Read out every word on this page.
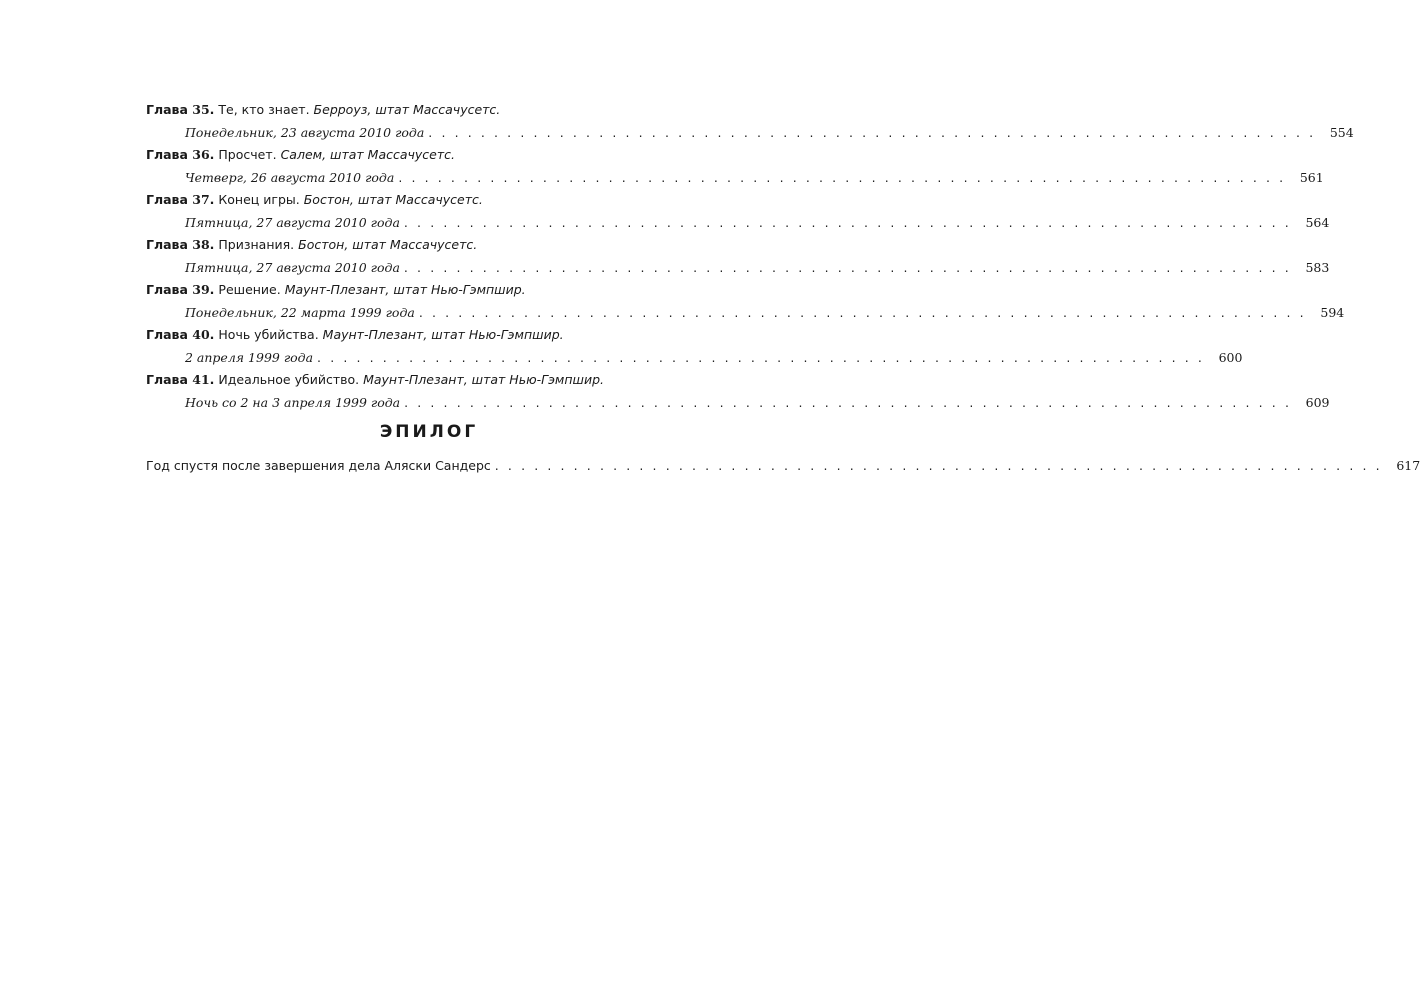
Глава 35. Те, кто знает. Берроуз, штат Массачусетс.
Понедельник, 23 августа 2010 года . . . . . . . . . . . . . . . . . . . . . . . . . . . . . . . . . . . . . . . . . . . . . . . . . . . . . . . . . . . . . . . . . . . .	554
Глава 36. Просчет. Салем, штат Массачусетс.
Четверг, 26 августа 2010 года . . . . . . . . . . . . . . . . . . . . . . . . . . . . . . . . . . . . . . . . . . . . . . . . . . . . . . . . . . . . . . . . . . . .	561
Глава 37. Конец игры. Бостон, штат Массачусетс.
Пятница, 27 августа 2010 года . . . . . . . . . . . . . . . . . . . . . . . . . . . . . . . . . . . . . . . . . . . . . . . . . . . . . . . . . . . . . . . . . . . .	564
Глава 38. Признания. Бостон, штат Массачусетс.
Пятница, 27 августа 2010 года . . . . . . . . . . . . . . . . . . . . . . . . . . . . . . . . . . . . . . . . . . . . . . . . . . . . . . . . . . . . . . . . . . . .	583
Глава 39. Решение. Маунт-Плезант, штат Нью-Гэмпшир.
Понедельник, 22 марта 1999 года . . . . . . . . . . . . . . . . . . . . . . . . . . . . . . . . . . . . . . . . . . . . . . . . . . . . . . . . . . . . . . . . . . . .	594
Глава 40. Ночь убийства. Маунт-Плезант, штат Нью-Гэмпшир.
2 апреля 1999 года . . . . . . . . . . . . . . . . . . . . . . . . . . . . . . . . . . . . . . . . . . . . . . . . . . . . . . . . . . . . . . . . . . . .	600
Глава 41. Идеальное убийство. Маунт-Плезант, штат Нью-Гэмпшир.
Ночь со 2 на 3 апреля 1999 года . . . . . . . . . . . . . . . . . . . . . . . . . . . . . . . . . . . . . . . . . . . . . . . . . . . . . . . . . . . . . . . . . . . .	609
ЭПИЛОГ
Год спустя после завершения дела Аляски Сандерс . . . . . . . . . . . . . . . . . . . . . . . . . . . . . . . . . . . . . . . . . . . . . . . . . . . . . . . . . . . . . . . . . . . .	617
